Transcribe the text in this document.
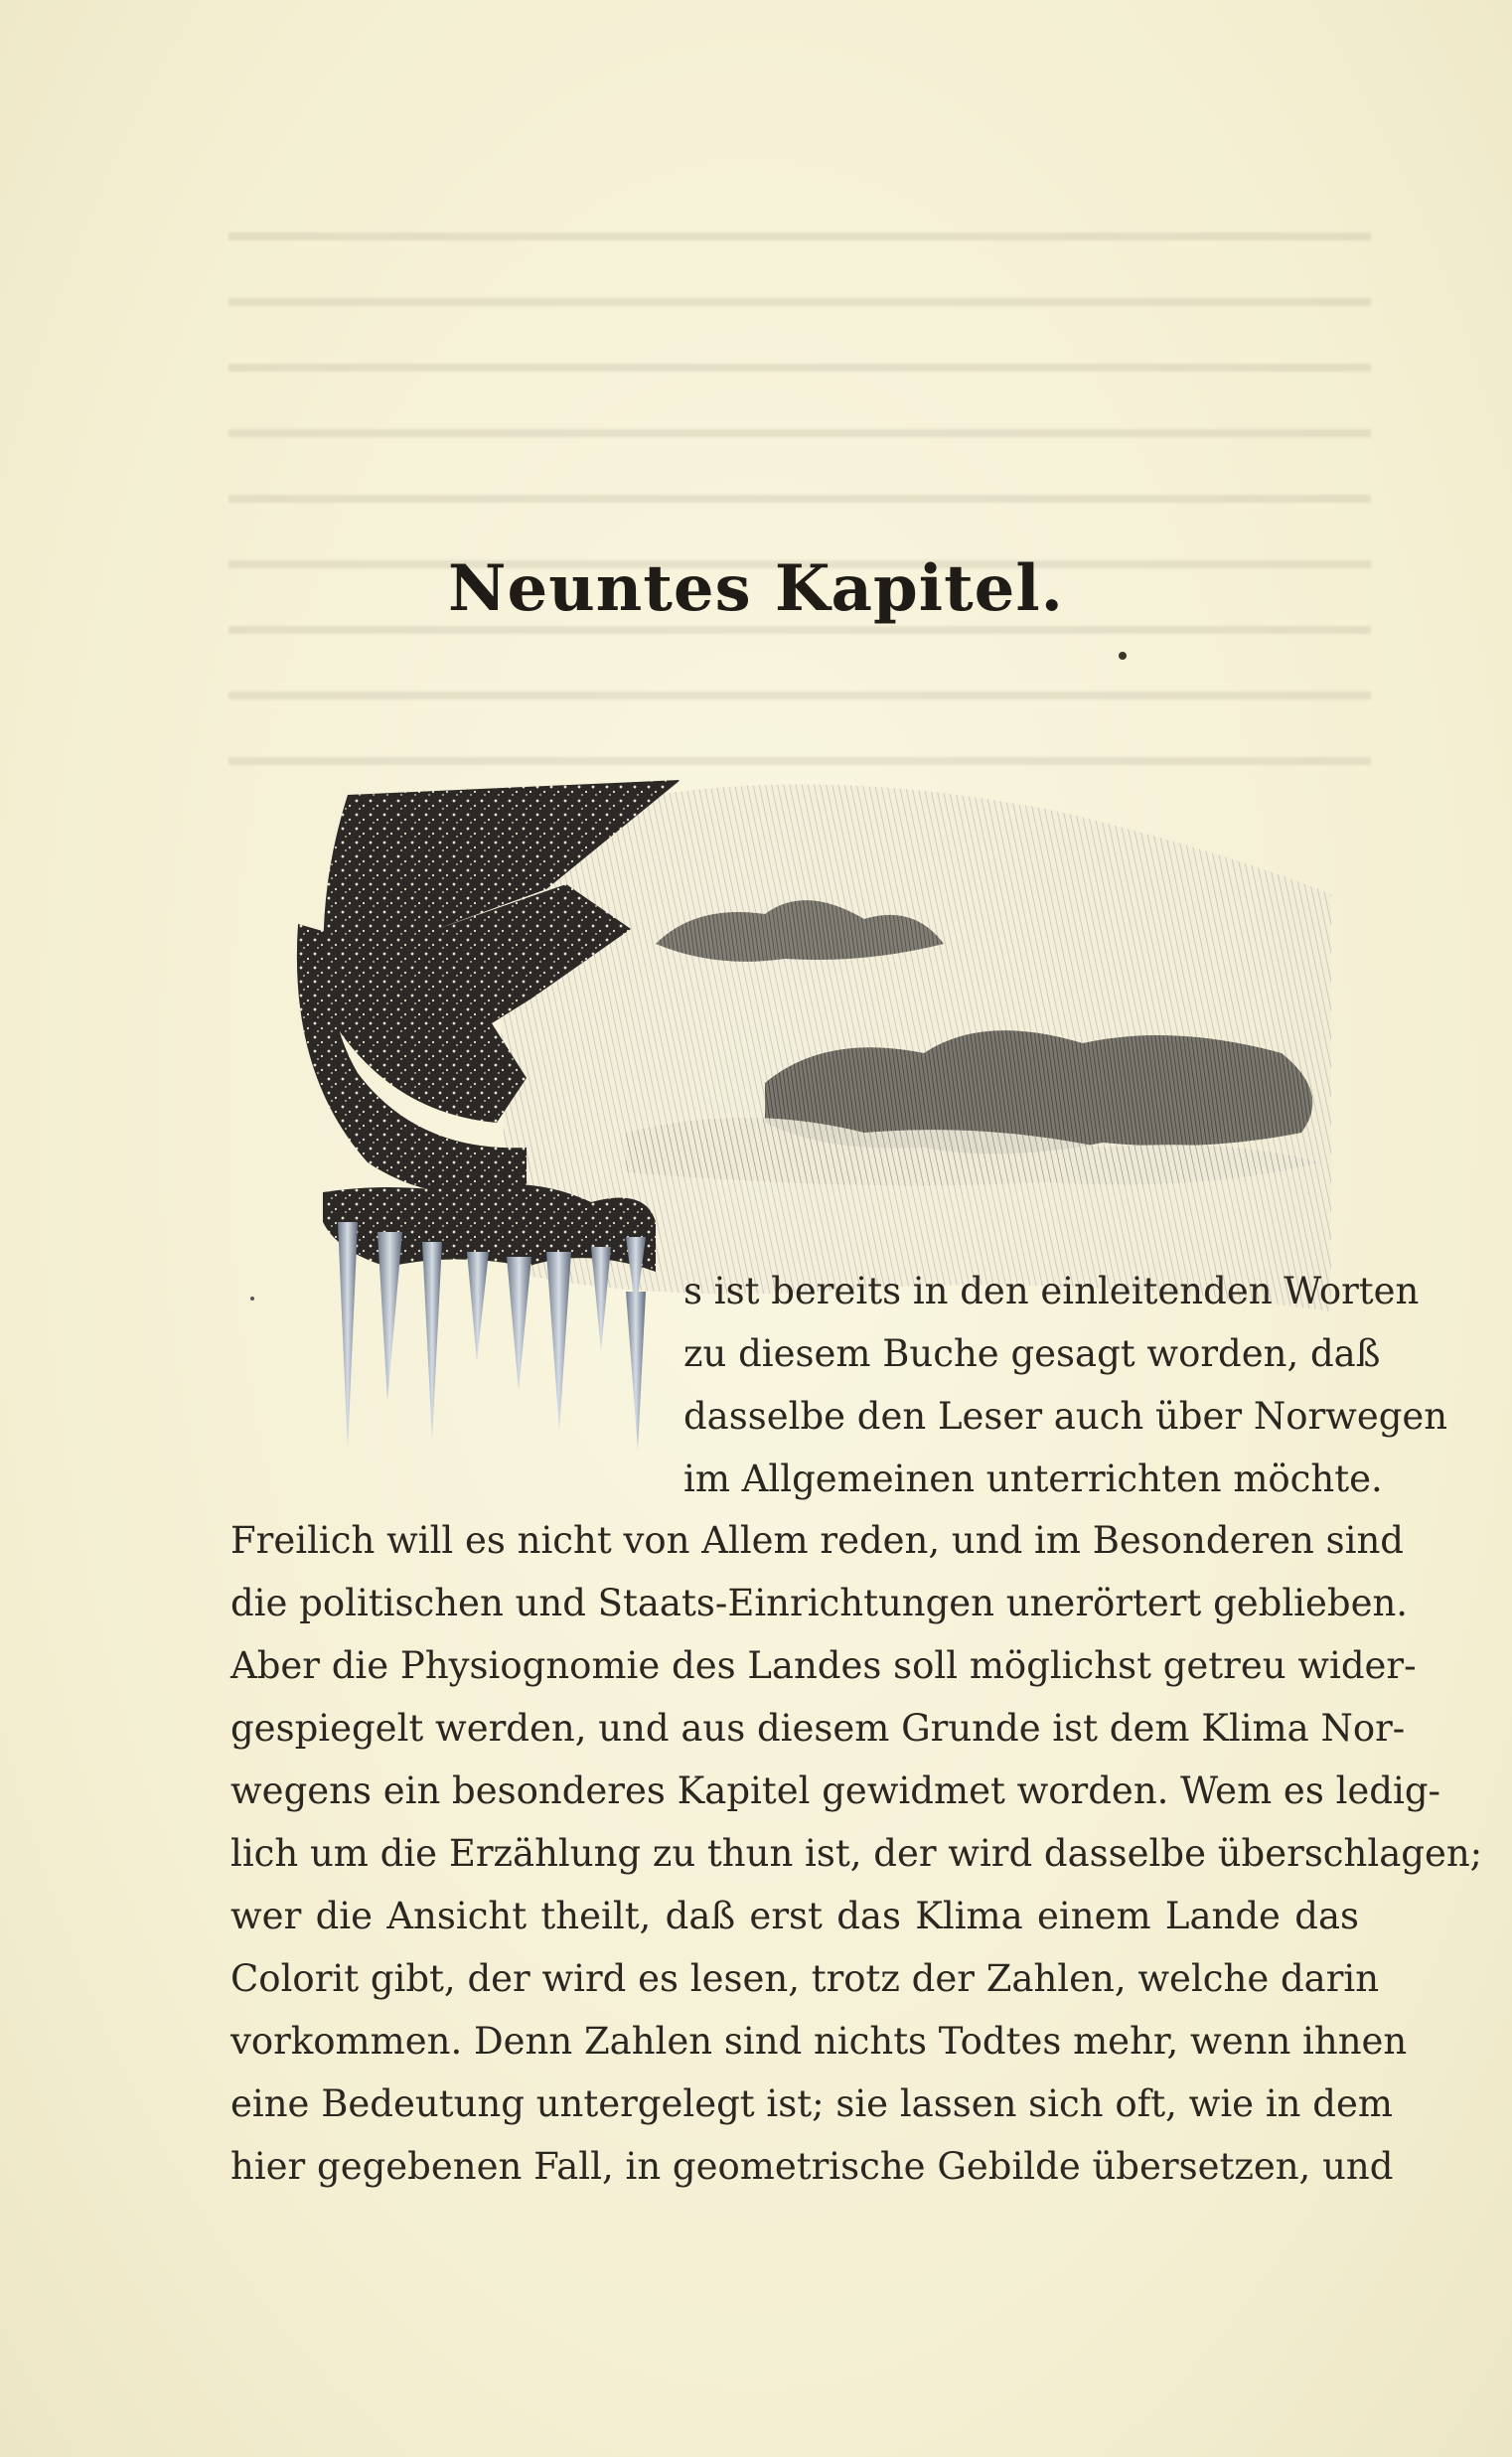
Neuntes Kapitel.
s ist bereits in den einleitenden Worten
zu diesem Buche gesagt worden, daß
dasselbe den Leser auch über Norwegen
im Allgemeinen unterrichten möchte.
Freilich will es nicht von Allem reden, und im Besonderen sind
die politischen und Staats-Einrichtungen unerörtert geblieben.
Aber die Physiognomie des Landes soll möglichst getreu wider-
gespiegelt werden, und aus diesem Grunde ist dem Klima Nor-
wegens ein besonderes Kapitel gewidmet worden. Wem es ledig-
lich um die Erzählung zu thun ist, der wird dasselbe überschlagen;
wer die Ansicht theilt, daß erst das Klima einem Lande das
Colorit gibt, der wird es lesen, trotz der Zahlen, welche darin
vorkommen. Denn Zahlen sind nichts Todtes mehr, wenn ihnen
eine Bedeutung untergelegt ist; sie lassen sich oft, wie in dem
hier gegebenen Fall, in geometrische Gebilde übersetzen, und
